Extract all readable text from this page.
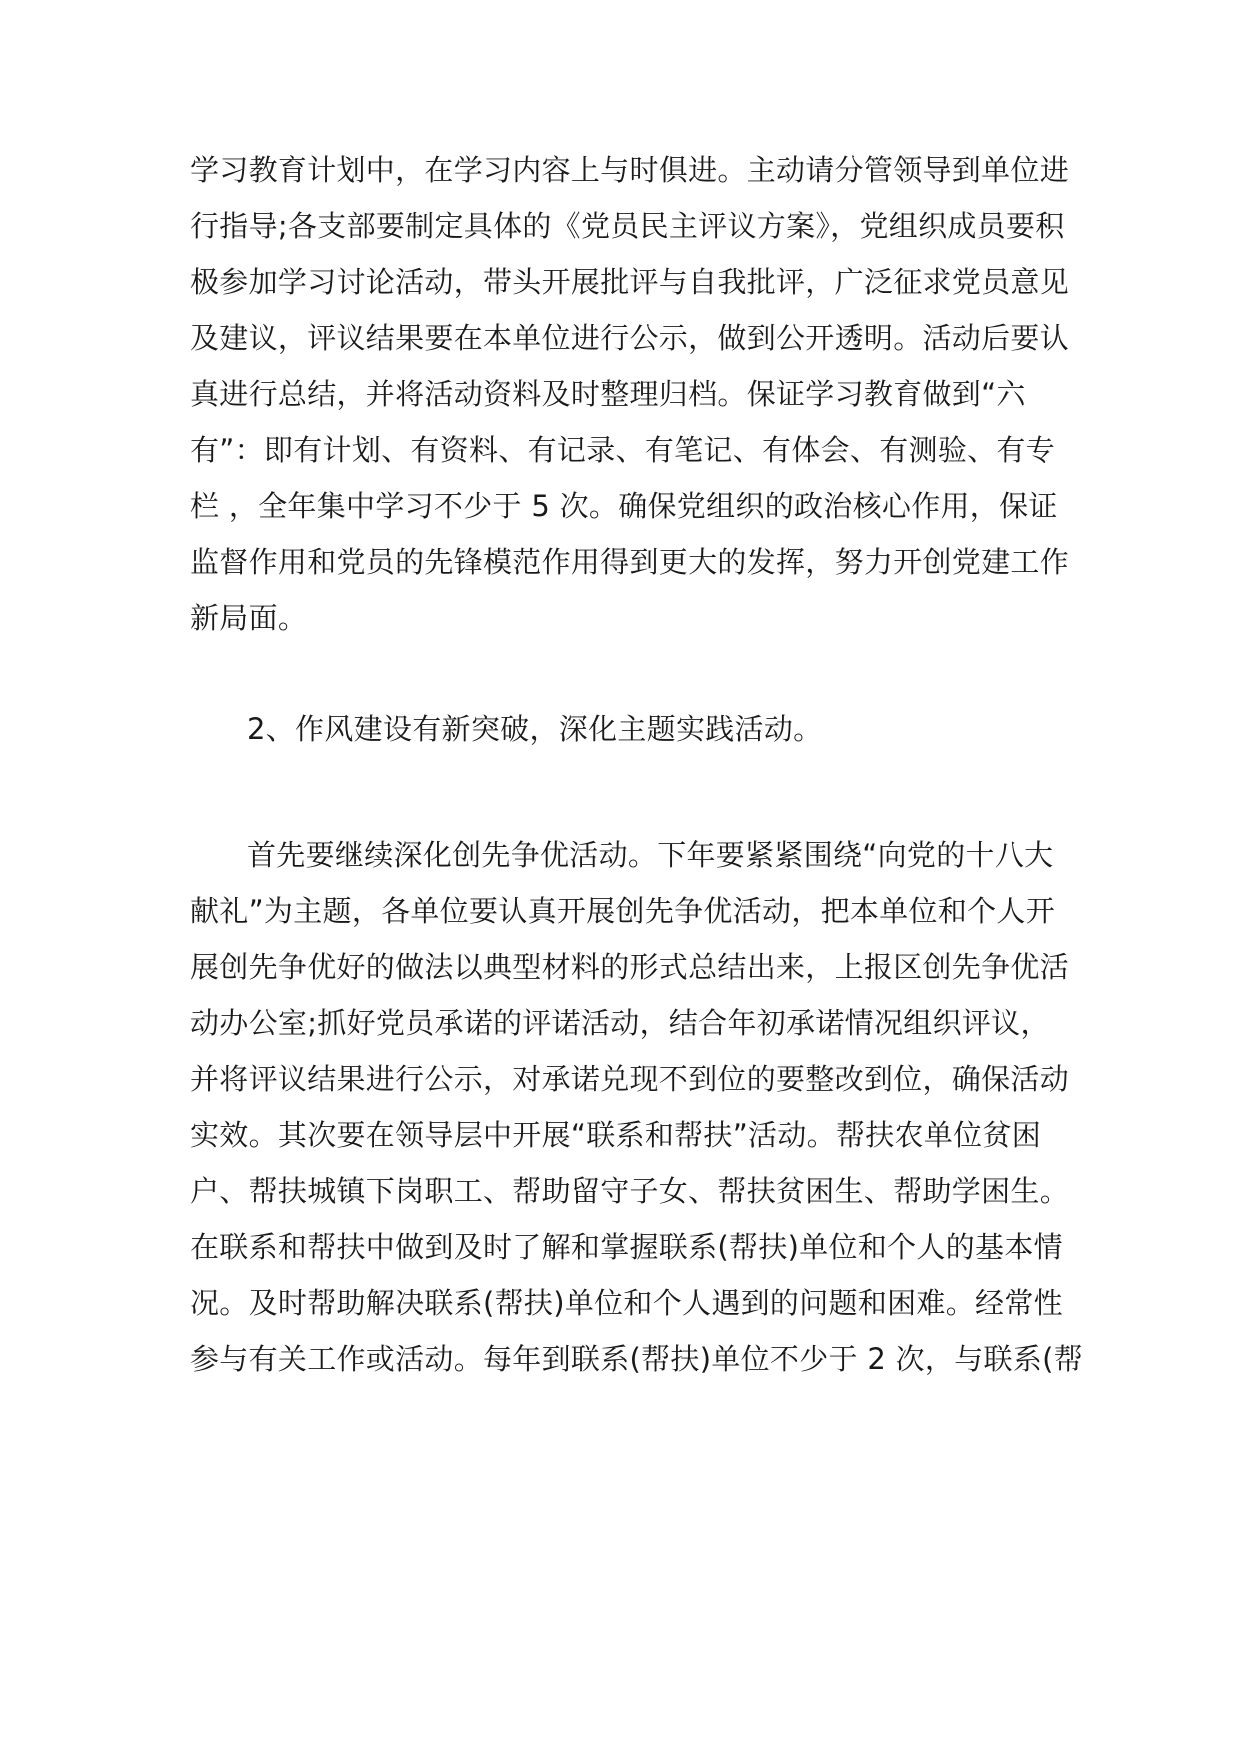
学习教育计划中，在学习内容上与时俱进。主动请分管领导到单位进
行指导;各支部要制定具体的《党员民主评议方案》，党组织成员要积
极参加学习讨论活动，带头开展批评与自我批评，广泛征求党员意见
及建议，评议结果要在本单位进行公示，做到公开透明。活动后要认
真进行总结，并将活动资料及时整理归档。保证学习教育做到“六
有”：即有计划、有资料、有记录、有笔记、有体会、有测验、有专
栏 ，全年集中学习不少于 5 次。确保党组织的政治核心作用，保证
监督作用和党员的先锋模范作用得到更大的发挥，努力开创党建工作
新局面。
2、作风建设有新突破，深化主题实践活动。
首先要继续深化创先争优活动。下年要紧紧围绕“向党的十八大
献礼”为主题，各单位要认真开展创先争优活动，把本单位和个人开
展创先争优好的做法以典型材料的形式总结出来，上报区创先争优活
动办公室;抓好党员承诺的评诺活动，结合年初承诺情况组织评议，
并将评议结果进行公示，对承诺兑现不到位的要整改到位，确保活动
实效。其次要在领导层中开展“联系和帮扶”活动。帮扶农单位贫困
户、帮扶城镇下岗职工、帮助留守子女、帮扶贫困生、帮助学困生。
在联系和帮扶中做到及时了解和掌握联系(帮扶)单位和个人的基本情
况。及时帮助解决联系(帮扶)单位和个人遇到的问题和困难。经常性
参与有关工作或活动。每年到联系(帮扶)单位不少于 2 次，与联系(帮
